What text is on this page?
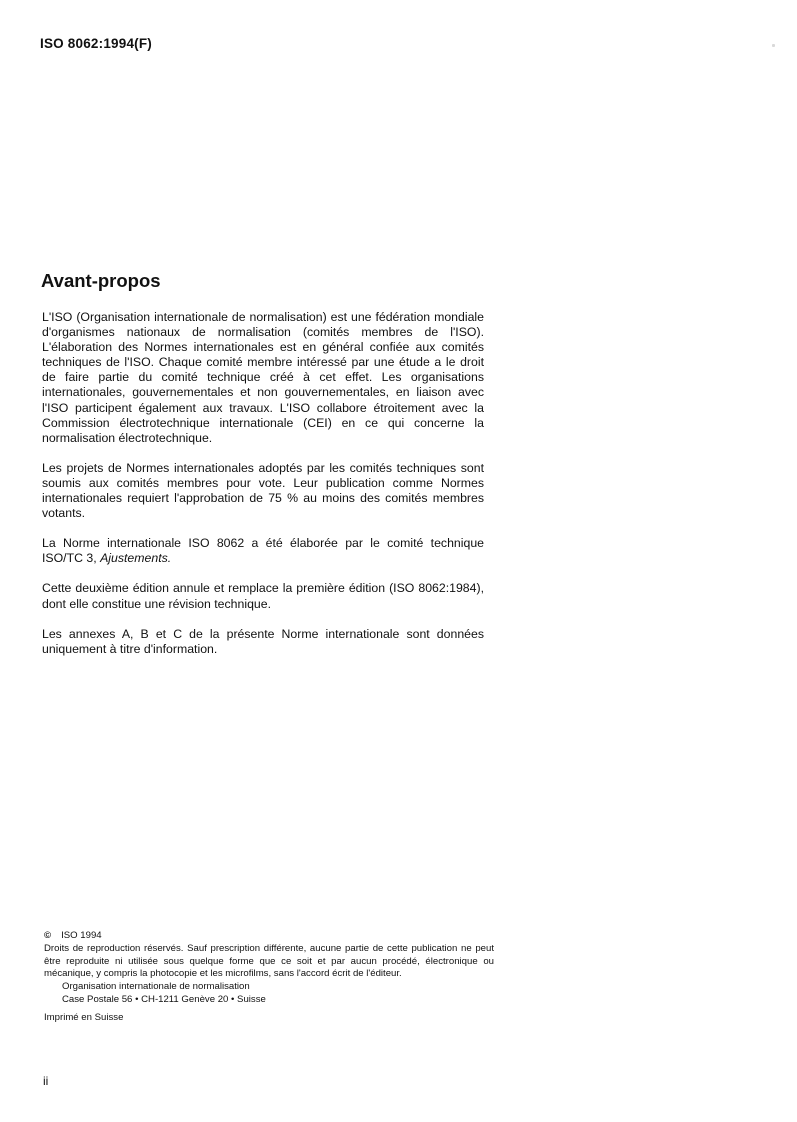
ISO 8062:1994(F)
Avant-propos

L'ISO (Organisation internationale de normalisation) est une fédération mondiale d'organismes nationaux de normalisation (comités membres de l'ISO). L'élaboration des Normes internationales est en général confiée aux comités techniques de l'ISO. Chaque comité membre intéressé par une étude a le droit de faire partie du comité technique créé à cet effet. Les organisations internationales, gouvernementales et non gouvernementales, en liaison avec l'ISO participent également aux travaux. L'ISO collabore étroitement avec la Commission électrotechnique internationale (CEI) en ce qui concerne la normalisation électrotechnique.

Les projets de Normes internationales adoptés par les comités techniques sont soumis aux comités membres pour vote. Leur publication comme Normes internationales requiert l'approbation de 75 % au moins des comités membres votants.

La Norme internationale ISO 8062 a été élaborée par le comité technique ISO/TC 3, Ajustements.

Cette deuxième édition annule et remplace la première édition (ISO 8062:1984), dont elle constitue une révision technique.

Les annexes A, B et C de la présente Norme internationale sont données uniquement à titre d'information.

© ISO 1994

Droits de reproduction réservés. Sauf prescription différente, aucune partie de cette publication ne peut être reproduite ni utilisée sous quelque forme que ce soit et par aucun procédé, électronique ou mécanique, y compris la photocopie et les microfilms, sans l'accord écrit de l'éditeur.

Organisation internationale de normalisation

Case Postale 56 • CH-1211 Genève 20 • Suisse

Imprimé en Suisse

ii
